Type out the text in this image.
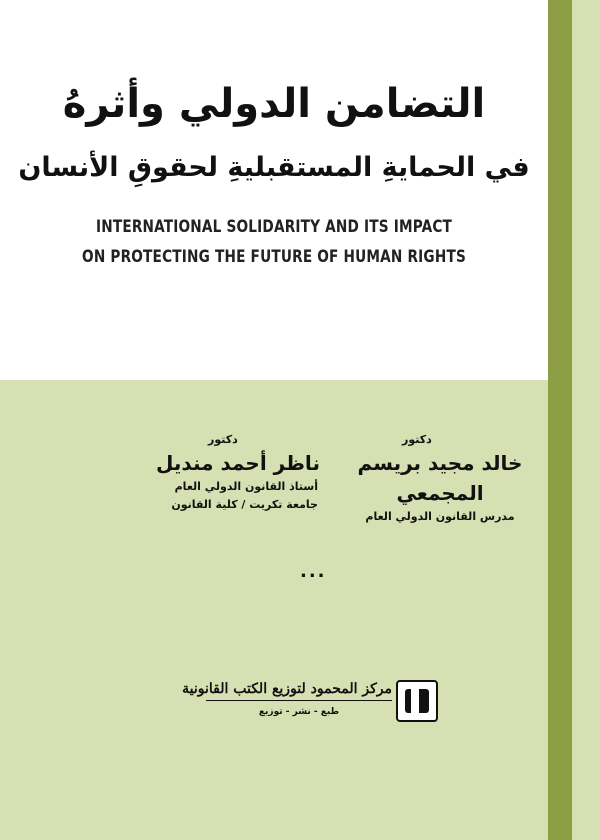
التضامن الدولي وأثرهُ
في الحمايةِ المستقبليةِ لحقوقِ الأنسان
INTERNATIONAL SOLIDARITY AND ITS IMPACT
ON PROTECTING THE FUTURE OF HUMAN RIGHTS
دكتور
خالد مجيد بريسم المجمعي
مدرس القانون الدولي العام
دكتور
ناظر أحمد منديل
أستاذ القانون الدولي العام
جامعة تكريت / كلية القانون
...
مركز المحمود لتوزيع الكتب القانونية
طبع - نشر - توزيع
